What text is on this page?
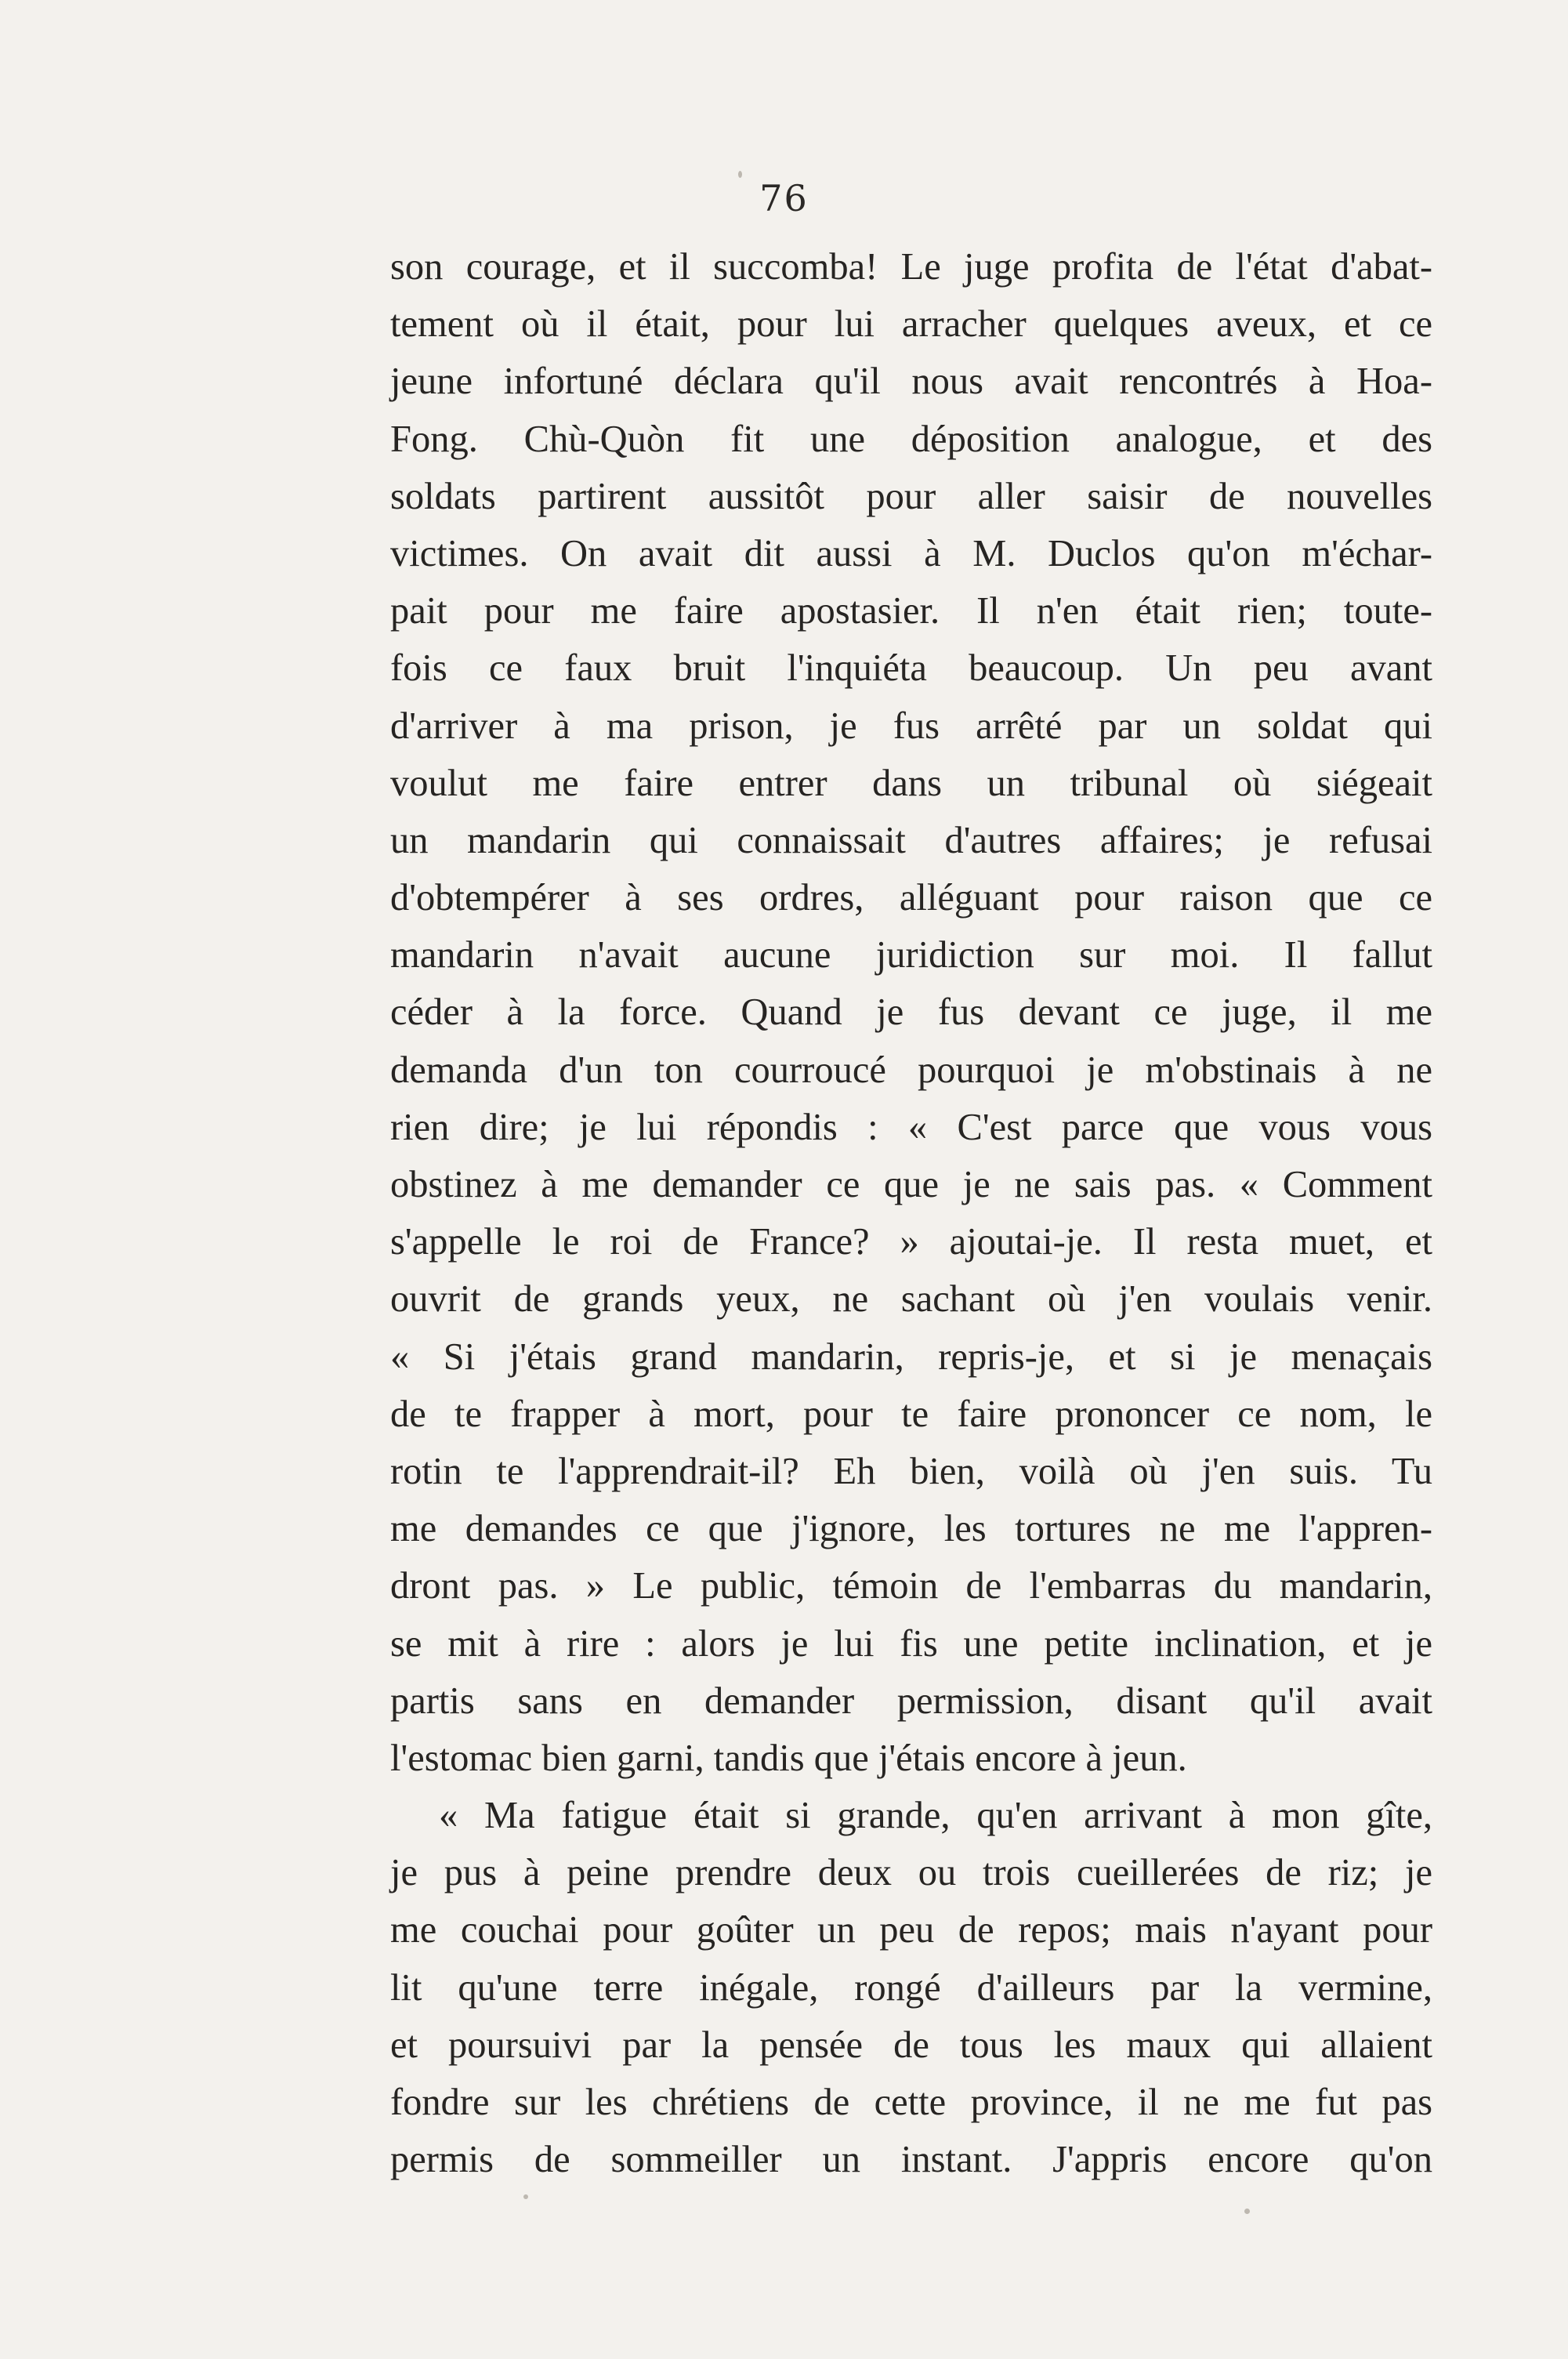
76
son courage, et il succomba! Le juge profita de l'état d'abat-
tement où il était, pour lui arracher quelques aveux, et ce
jeune infortuné déclara qu'il nous avait rencontrés à Hoa-
Fong. Chù-Quòn fit une déposition analogue, et des
soldats partirent aussitôt pour aller saisir de nouvelles
victimes. On avait dit aussi à M. Duclos qu'on m'échar-
pait pour me faire apostasier. Il n'en était rien; toute-
fois ce faux bruit l'inquiéta beaucoup. Un peu avant
d'arriver à ma prison, je fus arrêté par un soldat qui
voulut me faire entrer dans un tribunal où siégeait
un mandarin qui connaissait d'autres affaires; je refusai
d'obtempérer à ses ordres, alléguant pour raison que ce
mandarin n'avait aucune juridiction sur moi. Il fallut
céder à la force. Quand je fus devant ce juge, il me
demanda d'un ton courroucé pourquoi je m'obstinais à ne
rien dire; je lui répondis : « C'est parce que vous vous
obstinez à me demander ce que je ne sais pas. « Comment
s'appelle le roi de France? » ajoutai-je. Il resta muet, et
ouvrit de grands yeux, ne sachant où j'en voulais venir.
« Si j'étais grand mandarin, repris-je, et si je menaçais
de te frapper à mort, pour te faire prononcer ce nom, le
rotin te l'apprendrait-il? Eh bien, voilà où j'en suis. Tu
me demandes ce que j'ignore, les tortures ne me l'appren-
dront pas. » Le public, témoin de l'embarras du mandarin,
se mit à rire : alors je lui fis une petite inclination, et je
partis sans en demander permission, disant qu'il avait
l'estomac bien garni, tandis que j'étais encore à jeun.
« Ma fatigue était si grande, qu'en arrivant à mon gîte,
je pus à peine prendre deux ou trois cueillerées de riz; je
me couchai pour goûter un peu de repos; mais n'ayant pour
lit qu'une terre inégale, rongé d'ailleurs par la vermine,
et poursuivi par la pensée de tous les maux qui allaient
fondre sur les chrétiens de cette province, il ne me fut pas
permis de sommeiller un instant. J'appris encore qu'on
